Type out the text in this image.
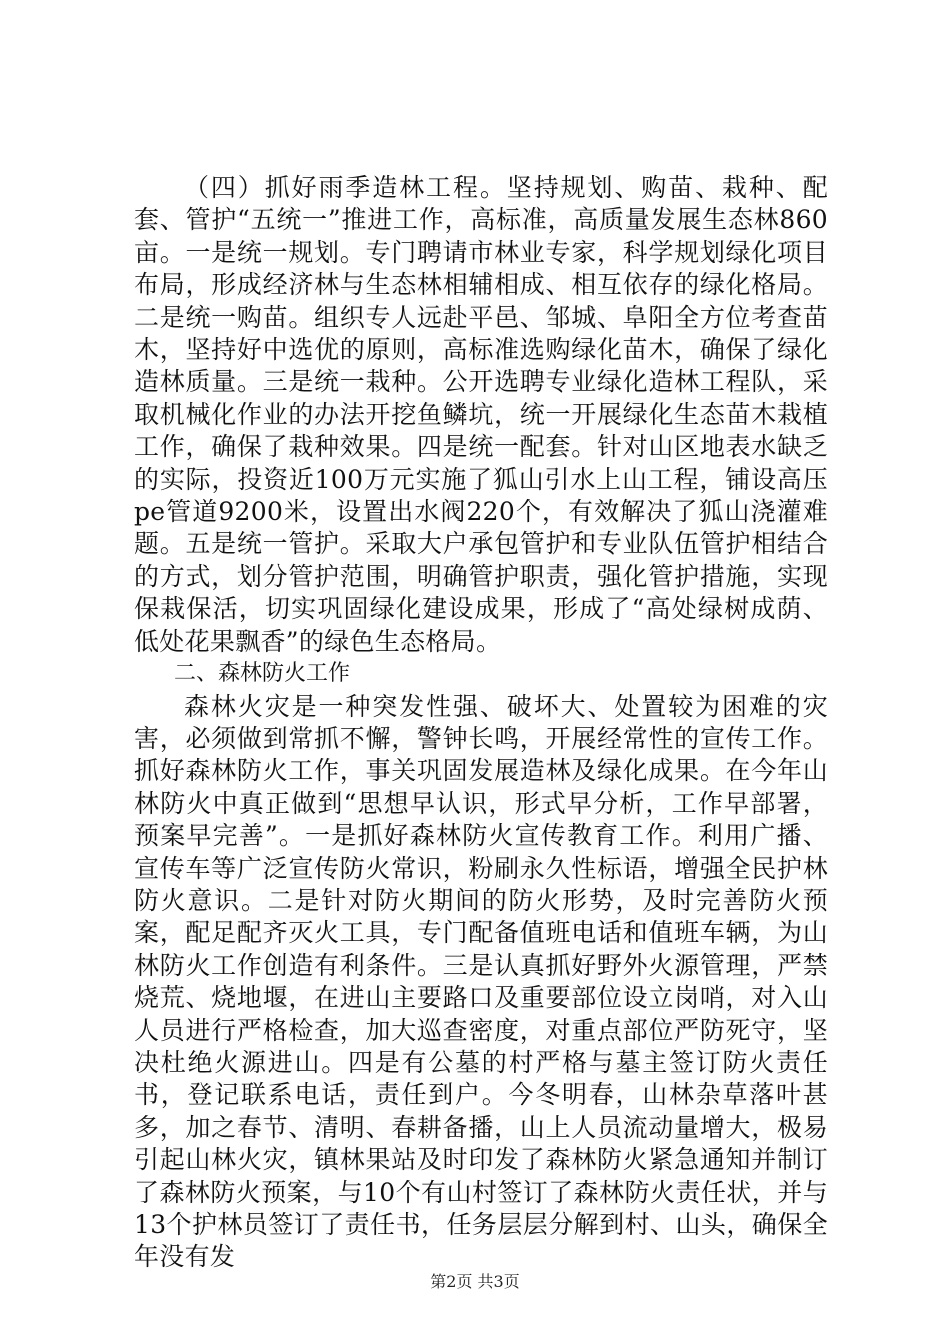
（四）抓好雨季造林工程。坚持规划、购苗、栽种、配套、管护“五统一”推进工作，高标准，高质量发展生态林860亩。一是统一规划。专门聘请市林业专家，科学规划绿化项目布局，形成经济林与生态林相辅相成、相互依存的绿化格局。二是统一购苗。组织专人远赴平邑、邹城、阜阳全方位考查苗木，坚持好中选优的原则，高标准选购绿化苗木，确保了绿化造林质量。三是统一栽种。公开选聘专业绿化造林工程队，采取机械化作业的办法开挖鱼鳞坑，统一开展绿化生态苗木栽植工作，确保了栽种效果。四是统一配套。针对山区地表水缺乏的实际，投资近100万元实施了狐山引水上山工程，铺设高压pe管道9200米，设置出水阀220个，有效解决了狐山浇灌难题。五是统一管护。采取大户承包管护和专业队伍管护相结合的方式，划分管护范围，明确管护职责，强化管护措施，实现保栽保活，切实巩固绿化建设成果，形成了“高处绿树成荫、低处花果飘香”的绿色生态格局。

二、森林防火工作

森林火灾是一种突发性强、破坏大、处置较为困难的灾害，必须做到常抓不懈，警钟长鸣，开展经常性的宣传工作。抓好森林防火工作，事关巩固发展造林及绿化成果。在今年山林防火中真正做到“思想早认识，形式早分析，工作早部署，预案早完善”。一是抓好森林防火宣传教育工作。利用广播、宣传车等广泛宣传防火常识，粉刷永久性标语，增强全民护林防火意识。二是针对防火期间的防火形势，及时完善防火预案，配足配齐灭火工具，专门配备值班电话和值班车辆，为山林防火工作创造有利条件。三是认真抓好野外火源管理，严禁烧荒、烧地堰，在进山主要路口及重要部位设立岗哨，对入山人员进行严格检查，加大巡查密度，对重点部位严防死守，坚决杜绝火源进山。四是有公墓的村严格与墓主签订防火责任书，登记联系电话，责任到户。今冬明春，山林杂草落叶甚多，加之春节、清明、春耕备播，山上人员流动量增大，极易引起山林火灾，镇林果站及时印发了森林防火紧急通知并制订了森林防火预案，与10个有山村签订了森林防火责任状，并与13个护林员签订了责任书，任务层层分解到村、山头，确保全年没有发

第2页 共3页
